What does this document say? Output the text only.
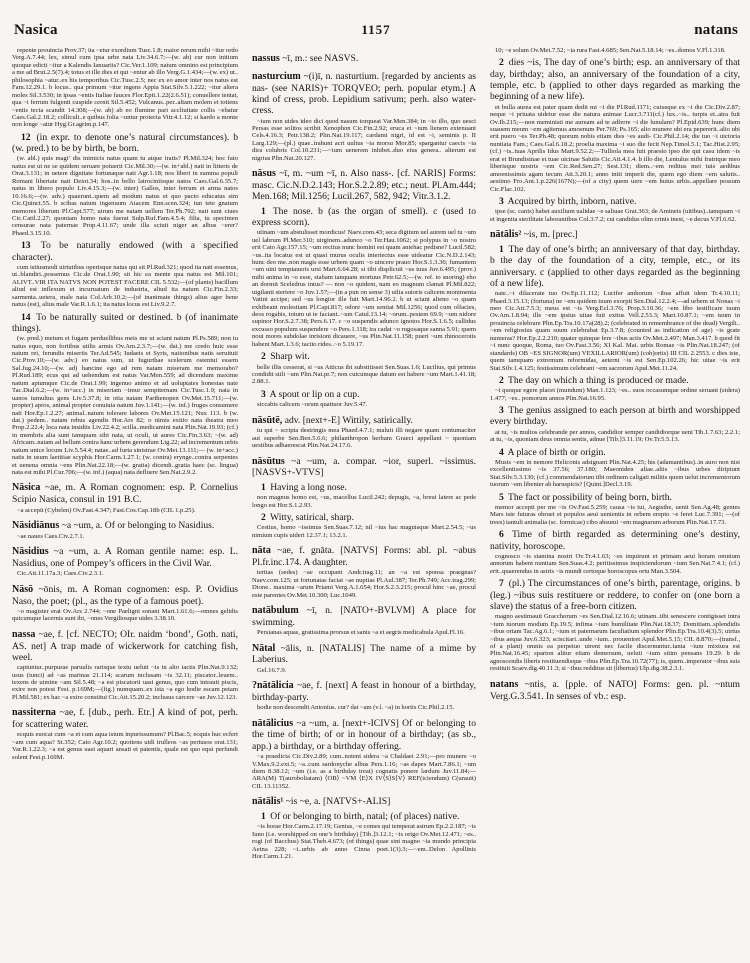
Nasica	1157	natans

repente prouincia Prov.37; ita ~etur exordium Tusc.1.8; maior rerum mihi ~itur ordo Verg.A.7.44; lex, simul cum ipsa urbe nata Liv.34.6.7;—(w. ab) cur non initium quoque edicti ~itur a Kalendis Ianuariis? Cic.Ver.1.109; natum omnino est principium a me ad Brut.2.5(7).4; totus et ille dies et qui ~entur ab illo Verg.G.1.434;—(w. ex) ut.. philosophia ~atur..ex his temporibus Cic.Tusc.2.5; nec ex eo amor inter nos natus est Fam.12.29.1. b locus.. qua primum ~itur ingens Appia Stat.Silv.5.1.222; ~itur altera moles Sil.3.530; in ipsas ~entis Italiae fauces Flor.Epit.1.22(2.6.51); conuellere tentat, qua ~i ferrum fulgenti cuspide cernit Sil.5.452; Vulcanus..per..altam molem et totiens ~entis tecta scandit 14.308;—(w. ab) ab eo flumine pari accliuitate collis ~ebatur Caes.Gal.2.18.2; colliculi..e quibus folia ~untur proiecta Vitr.4.1.12; si kardo a monte non longe ~atur Hyg.Gr.agrim.p.147.

12 (in expr. to denote one’s natural circumstances). b (w. pred.) to be by birth, be born.

(w. abl.) quis magi’ dis inimicis natus quam tu atque iratis? Pl.Mil.324; hoc fato natus est ut ne se quidem seruare potuerit Cic.Mil.30;—(w. in+abl.) nati in litteris de Orat.3.131; in uetere dignitate fortunaque nati Agr.1.18; nos liberi in summa populi Romani libertate nati Deiot.34; hos..in bello latrociniisque natos Caes.Gal.6.35.7; natus in libero populo Liv.4.15.3;—(w. inter) Gallos, inter ferrum et arma natos 10.16.6;—(w. adv.) quaerunt..quem ad modum natus et quo pacto educatus sim Cic.Quinct.55. b scibas natum ingenuum Aiacem Enn.scen.324; tun tete gnatum memores liberum Pl.Capt.577; uirum me natam uellem Ter.Ph.792; nati sunt ciues Cic.Catil.2.27; quoniam homo nata fuerat Sulp.Ruf.Fam.4.5.4; filia, tu specimen censurae nata paternae Prop.4.11.67; unde illa sciuit niger an albus ~erer? Phaed.3.15.10.

13 To be naturally endowed (with a specified character).

cum istiusmodi uirtutibus operisque natus qui sit Pl.Rud.321; quod ita nati essemus, ut..blandiri..possemus Cic.de Orat.1.90; sit hic ea mente qua natus est Mil.101; ALIVT..VIR ITA NATVS NON POTEST FACERE CIL 5.532;—(of plants) bacillum aliud est inflexum et incuruatum de industria, aliud ita natum Cic.Fin.2.33; sarmenta..uetera, male nata Col.Arb.10.2;—(of inanimate things) alius ager bene natus (est), alius male Var.R.1.6.1; ita natus locus est Liv.9.2.7.

14 To be naturally suited or destined. b (of inanimate things).

(w. pred.) metum et fugam perduellibus meis me ut sciant natum Pl.Ps.589; non tu natus equo, non fortibus utilis armis Ov.Am.2.3.7;—(w. dat.) me credo huic esse natum rei, ferundis miseriis Ter.Ad.545; Iudaeis et Syris, nationibus natis seruituti Cic.Prov.10;—(w. adv.) eo natus sum, ut Iugurthae scelerum ostentui essem Sal.Jug.24.10;—(w. ad) hancine ego ad rem natam miseram me memorabo? Pl.Rud.189; ecus qui ad uehendum est natus Var.Men.559; ad dicendum maxime natum aptumque Cic.de Orat.1.99; ingenuo animo et ad uoluptates honestas nate Tac.Dial.6.2;—(w. in+acc.) in miseriam ~imur sempiternam Cic.Tusc.1.9; nata in uanos tumultus gens Liv.5.37.8; in otia natam Parthenopen Ov.Met.15.711;—(w. propter) apros, animal propter conuiuia natum Juv.1.141;—(w. inf.) fruges consumere nati Hor.Ep.1.2.27; animal..natum tolerare labores Ov.Met.15.121; Nux 113. b (w. dat.) pedem.. natam rebus agendis Hor.Ars 82; o nimis exitio nata theatra meo Prop.2.22.4; loca nata insidiis Liv.22.4.2; scilla..medicamini nata Plin.Nat.19.93; (cf.) in membris alia sunt tamquam sibi nata, ut oculi, ut aures Cic.Fin.3.63; ~(w. ad) Africam..natam ad bellum contra hanc urbem gerendum Lig.22; ad incrementum urbis natum unice locum Liv.5.54.4; natae..ad furta sinistrae Ov.Met.13.111;— (w. in+acc.) natis in usum laetitiae scyphis Hor.Carm.1.27.1; (w. contra) erynge..contra serpentes et uenena omnia ~ens Plin.Nat.22.18;—(w. gratia) dicendi..gratia haec (sc. lingua) nata est mihi Pl.Cur.706;—(w. inf.) (aqua) nata defluere Sen.Nat.2.9.2.

Nāsica ~ae, m. A Roman cognomen: esp. P. Cornelius Scipio Nasica, consul in 191 B.C.

~a accepit (Cybelen) Ov.Fast.4.347; Fast.Cos.Cap.18b (CIL 1.p.25).

Nāsidiānus ~a ~um, a. Of or belonging to Nasidius.

~ae naues Caes.Civ.2.7.1.

Nāsidius ~a ~um, a. A Roman gentile name: esp. L. Nasidius, one of Pompey’s officers in the Civil War.

Cic.Att.11.17a.3; Caes.Civ.2.3.1.

Nāsō ~ōnis, m. A Roman cognomen: esp. P. Ovidius Naso, the poet; (pl., as the type of a famous poet).

~o magister erat Ov.Ars 2.744; ~one Paeligni sonant Mart.1.61.6;—omnes gelidis quicumque lacernis sunt ibi, ~ones Vergiliosque uides 3.38.10.

nassa ~ae, f. [cf. NECTO; OIr. naidm ‘bond’, Goth. nati, AS. net] A trap made of wickerwork for catching fish, weel.

capiuntur..purpurae paruulis rarisque textu ueluti ~is in alto iactis Plin.Nat.9.132; usus (iunci) ad ~as marinas 21.114; scarum inclusam ~is 32.11; piscator..leuem.. texens de uimine ~am Sil.5.48; ~a est piscatorii uasi genus, quo cum intrauit piscis, exire non potest Fest. p.169M;—(fig.) numquam..ex ista ~a ego hodie escam petam Pl.Mil.581; ex hac ~a exire constitui Cic.Att.15.20.2; inclusus carcere ~ae Juv.12.123.

nassiterna ~ae, f. [dub., perh. Etr.] A kind of pot, perh. for scattering water.

ecquis euocat cum ~a et cum aqua istum inpurissumum? Pl.Bac.5; ecquis huc ecfert ~am cum aqua? St.352; Cato Agr.10.2; quotiens uidi trulleos ~as pertusos orat.131; Var.R.1.22.3; ~a est genus uasi aquari ansati et patentis, quale est quo equi perfundi solent Fest.p.169M.

nassus ~ī, m.: see NASVS.

nasturcium ~(i)ī, n. nasturtium. [regarded by ancients as nas- (see NARIS)+ TORQVEO; perh. popular etym.] A kind of cress, prob. Lepidium sativum; perh. also water-cress.

~ium non uides ideo dici quod nasum torqueat Var.Men.384; in ~io illo, quo uesci Persas esse solitos scribit Xenophon Cic.Fin.2.92; eruca et ~ium lienem extenuant Cels.4.16.3; Petr.138.2; Plin.Nat.19.117; cardami nigri, id est ~i, seminis p. II Larg.129;—(pl.) quae..trahunt acri uultus ~ia morsu Mor.85; spargantur caecis ~ia dira colubris Col.10.231;—~ium uenerem inhibet..duo eius genera.. alterum est nigrius Plin.Nat.20.127.

nāsus ~ī, m. ~um ~ī, n. Also nass-. [cf. NARIS] Forms: masc. Cic.N.D.2.143; Hor.S.2.2.89; etc.; neut. Pl.Am.444; Men.168; Mil.1256; Lucil.267, 582, 942; Vitr.3.1.2.

1 The nose. b (as the organ of smell). c (used to express scorn).

utinam ~um abstulisset mordicus! Naev.com.43; seca digitum uel aurem uel tu ~um uel labrum Pl.Mer.310; uirginem..adunco ~o Ter.Hau.1062; si polypus in ~o nostro erit Cato Agr.157.15; ~um rectius nunc homini est quam antehac pedisne? Lucil.582; ~us..ita locatus est ut quasi murus oculis interiectus esse uideatur Cic.N.D.2.143; hunc deo me..non magis esse urbem quam ~o uincere prauo Hor.S.1.3.36; fumantem ~um uini temptaueris ursi Mart.6.64.28; si tibi displicuit ~us tuus Juv.6.495; (prov.) mihi anima in ~o esse, stabam tanquam mortuus Petr.62.5;—(w. ref. to snoring) eho an dormit Sceledrus intus? — non ~o quidem, nam eo magnum clamat Pl.Mil.822; uigilanti stertere ~o Juv.1.57;—(in a pun on sense 3) uilia sutoris calicem monimenta Vatini accipe; sed ~us longior ille fuit Mart.14.96.2. b ut sciant alieno ~o quam exhibeant molestiam Pl.Capt.817; odore ~um sentiat Mil.1256; quod cum olfacies, deos rogabis, totum ut te faciant..~um Catul.13.14; ~orum..pestem 69.9; ~um nidore supinor Hor.S.2.7.38; Pers.6.17. c ~o suspendis adunco ignotos Hor.S.1.6.5; callidus excusso populum suspendere ~o Pers.1.118; ira cadat ~o rugosaque sanna 5.91; quem noui mores subdolae inrisioni dicauere, ~us Plin.Nat.11.158; pueri ~um rhinocerotis habent Mart.1.3.6; tacito rides..~o 5.19.17.

2 Sharp wit.

belle illis cesserat, si ~us Atticus ibi substitisset Sen.Suas.1.6; Lucilius, qui primus condidit stili ~um Plin.Nat.pr.7; non cuicumque datum est habere ~um Mart.1.41.18; 2.88.1.

3 A spout or lip on a cup.

siccabis calicem ~orum quattuor Juv.5.47.

nāsūtē, adv. [next+-E] Wittily, satirically.

tu qui ~ scripta destringis mea Phaed.4.7.1; maluit illi negare quam contumaciter aut superbe Sen.Ben.5.6.6; philanthropon herbam Graeci appellant ~ quoniam uestibus adhaerescat Plin.Nat.24.17.6.

nāsūtus ~a ~um, a. compar. ~ior, superl. ~issimus. [NASVS+-VTVS]

1 Having a long nose.

non magnus homo est, ~us, macellus Lucil.242; depugis, ~a, breui latere ac pede longo est Hor.S.1.2.93.

2 Witty, satirical, sharp.

Cestius, homo ~issimus Sen.Suas.7.12; nil ~ius hac magnisque Mart.2.54.5; ~us nimium cupis uideri 12.37.1; 13.2.1.

nāta ~ae, f. gnāta. [NATVS] Forms: abl. pl. ~abus Pl.fr.inc.174. A daughter.

tertias (sedes) ~ae occupant Andr.trag.11; an ~a est sponsa praegnas? Naev.com.125; ut fortunatas faciat ~ae nuptias Pl.Aul.387; Ter.Ph.749; Acc.trag.299; Dione.. maxima ~arum Priami Verg.A.1.654; Hor.S.2.3.215; procul hinc ~ae, procul este parentes Ov.Met.10.300; Luc.1049.

natābulum ~ī, n. [NATO+-BVLVM] A place for swimming.

Persianas aquas, gratissima prorsus et sanis ~a et aegris medicabula Apul.Fl.16.

Nātal ~ālis, n. [NATALIS] The name of a mime by Laberius.

Gel.16.7.9.

?nātālicia ~ae, f. [next] A feast in honour of a birthday, birthday-party.

hodie non descendit Antonius. cur? dat ~am (v.l. ~a) in hortis Cic.Phil.2.15.

nātālicius ~a ~um, a. [next+-ICIVS] Of or belonging to the time of birth; of or in honour of a birthday; (as sb., app.) a birthday, or a birthday offering.

~a praedicta Cic.Div.2.89; cum..notent sidera ~a Chaldaei 2.91;—pro munere ~o V.Max.9.2.ext.5; ~a..cum sardonyche albus Pers.1.16; ~as dapes Mart.7.86.1; ~um diem 8.38.12; ~um (i.e. as a birthday treat) cognatis ponere lardum Juv.11.84;—ARA(M) T(auroboliatam) ⟨OB⟩ ~VM ⟨E⟩X IV⟨S⟩S⟨V⟩ REF(iciendum) C(urauit) CIL 13.11352.

nātālis¹ ~is ~e, a. [NATVS+-ALIS]

1 Of or belonging to birth, natal; (of places) native.

~is horae Hor.Carm.2.17.19; Genius, ~e comes qui temperat astrum Ep.2.2.187; ~is Iuno (i.e. worshipped on one’s birthday) [Tib.]3.12.1; ~is origo Ov.Met.12.471; ~es.. rogi (of Bacchus) Stat.Theb.4.673; (of things) quae sint magno ~ia mundo principia Aetna 228; ~i..urbis ab anno Cinna poet.1(3).3;—~em..Delon Apollinis Hor.Carm.1.21.

10; ~e solum Ov.Met.7.52; ~ia rura Fast.4.685; Sen.Nat.5.18.14; ~es..domos V.Fl.1.318.

2 dies ~is, The day of one’s birth; esp. an anniversary of that day, birthday; also, an anniversary of the foundation of a city, temple, etc. b (applied to other days regarded as marking the beginning of a new life).

et bulla aurea est pater quam dedit mi ~i die Pl.Rud.1171; cuiusque ex ~i die Cic.Div.2.87; neque ~i priuata uidetur esse die natura animae Lucr.3.711(cf.) lux..~is.. turpis et..atra fuit Ov.Ib.215;—non meministi me auream ad te adferre ~i die lunulam? Pl.Epid.639; hunc diem suauem meum ~em agitemus amoenum Per.769; Ps.165; alio munere ubi era pepererit..alio ubi erit puero ~es Ter.Ph.48; quorum nobis etiam dies ~es audi- Cic.Phil.2.14; die tuo ~i uictoria nuntiata Fam.; Caes.Gal.6.18.2; proelia maxima ~i suo die fecit Nep.Timol.5.1; Tac.Hist.2.95; (cf.) ~is..tuas Aprilis Idus Mart.9.52.2;—Tulliola mea fuit praesto ipso die qui casu idem ~is erat et Brundisinae et tuae uicinae Salutis Cic.Att.4.1.4. b illo die, Lentulus mihi fratrique meo liberisque nostris ~em Cic.Red.Sen.27; Sest.131; diem..~em reditus mei tuis aedibus amoenissimis agam tecum Att.3.20.1; anno initi imperii die, quem ego diem ~em salutis.. aestimo Fro.Ant.1.p.226(167N);—(of a city) quem uere ~em huius urbis..appellare possum Cic.Flac.102.

3 Acquired by birth, inborn, native.

ipse (sc. canis) habet auxilium ualidae ~e saliuae Grat.363; de Amineis (uitibus)..tamquam ~i et ingenita sterilitate laborantibus Col.3.7.2; cui candidus olim crinis inest, ~e decus V.Fl.6.62.

nātālis² ~is, m. [prec.]

1 The day of one’s birth; an anniversary of that day, birthday. b the day of the foundation of a city, temple, etc., or its anniversary. c (applied to other days regarded as the beginning of a new life).

nate..~i dilacerate tuo Ov.Ep.11.112; Lucifer amborum ~ibus affuit idem Tr.4.10.11; Phaed.3.15.13; (fortuna) ne ~em quidem tuum exorpit Sen.Dial.12.2.4;—ad urbem ut Nonas ~i meo Cic.Att.7.5.3; meus est ~is Verg.Ecl.3.76; Prop.3.10.36; ~em libo testificare tuum Ov.Am.1.8.94; ille ~em ipsius uitae fuit exitus Vell.2.53.3; Mart.10.87.1; ~em tuum in prouincia celebrare Plin.Ep.Tra.10.17a(28).2; (celebrated in remembrance of the dead) Vergili.. ~em religiosius quam suum celebrabat Ep.3.7.8; (counted as indication of age) ~is grate numeras? Hor.Ep.2.2.210; quater quinque fere ~ibus actis Ov.Met.2.497; Man.3.417. b quod fit ~i nunc quoque, Roma, tuo Ov.Fast.3.56; XI Kal. Mai. urbis Romae ~is Plin.Nat.18.247; (of standards) OB ~ES SIGNOR(um) VEXILLARIOR(um) (coh)ortis) III CIL 2.2553. c dies iste, quem tamquam extremum reformidas, aeterni ~is est Sen.Ep.102.26; hic uitae ~is erit Stat.Silv.1.4.125; festissimum celebrant ~em sacrorum Apul.Met.11.24.

2 The day on which a thing is produced or made.

~i quoque egere placet (mundum) Man.1.123; ~es.. suos occasumque ordine seruant (sidera) 1.477; ~es.. pomorum annos Plin.Nat.16.95.

3 The genius assigned to each person at birth and worshipped every birthday.

at tu, ~is multos celebrande per annos, candidior semper candidiorque ueni Tib.1.7.63; 2.2.1; at tu, ~is, quoniam deus omnia sentis, adnue [Tib.]3.11.19; Ov.Tr.5.5.13.

4 A place of birth or origin.

Musis ~em in nemore Heliconis adsignant Plin.Nat.4.25; his (adamantibus)..in auro non nisi excellentissimo ~is 37.56; 37.180; Maeoniden aliae..aliis ~ibus urbes diripiunt Stat.Silv.5.3.130; (cf.) commendatorum tibi ordinem caligati militis quem uelut incrementorum tuorum ~em libenter ab haruspicis? [Quint.]Decl.3.19.

5 The fact or possibility of being born, birth.

memor accepti per me ~is Ov.Fast.5.259; causa ~is tui, Aegisthe, uenit Sen.Ag.48; gentes Mars iste futuras obruet et populos aeui uenientis in orbem erepto ~e feret Luc.7.391; —(of trees) tantuli animalia (sc. formicae) cibo absumi ~em magnarum arborum Plin.Nat.17.73.

6 Time of birth regarded as determining one’s destiny, nativity, horoscope.

cognosco ~is stamina nostri Ov.Tr.4.1.63; ~es inquirunt et primam aeui horam omnium annorum habent nuntiam Sen.Suas.4.2; peritissimus inspiciendorum ~ium Sen.Nat.7.4.1; (cf.) erit..quaerendus in astris ~is mundi certoque horoscopus ortu Man.3.504.

7 (pl.) The circumstances of one’s birth, parentage, origins. b (leg.) ~ibus suis restituere or reddere, to confer on (one born a slave) the status of a free-born citizen.

magno aestimauit Gracchorum ~es Sen.Dial.12.16.6; utinam..tibi senescere contigisset intra ~ium tuorum modum Ep.19.5; infima ~ium humilitate Plin.Nat.18.37; Domitiam..splendidis ~ibus ortam Tac.Ag.6.1; ~ium et paternarum facultatium splendor Plin.Ep.Tra.10.4(3).5; uirtus ~ibus aequa Juv.6.323; sciscitari..unde ~ium.. proueniret Apul.Met.5.15; CIL 8.870;—(transf., of a plant) omnis ea perpetuo uirent nec facile discernuntur..tanta ~ium mixtura est Plin.Nat.16.45; sparton alitur etiam demersum, ueluti ~ium sitim pensans 19.29. b de agnoscendis liberis restituendisque ~ibus Plin.Ep.Tra.10.72(77); is, quem..imperator ~ibus suis restituit Scaev.dig.40.11.3; si ~ibus redditus sit (libertus) Ulp.dig.38.2.3.1.

natans ~ntis, a. [pple. of NATO] Forms: gen. pl. ~ntum Verg.G.3.541. In senses of vb.: esp.
